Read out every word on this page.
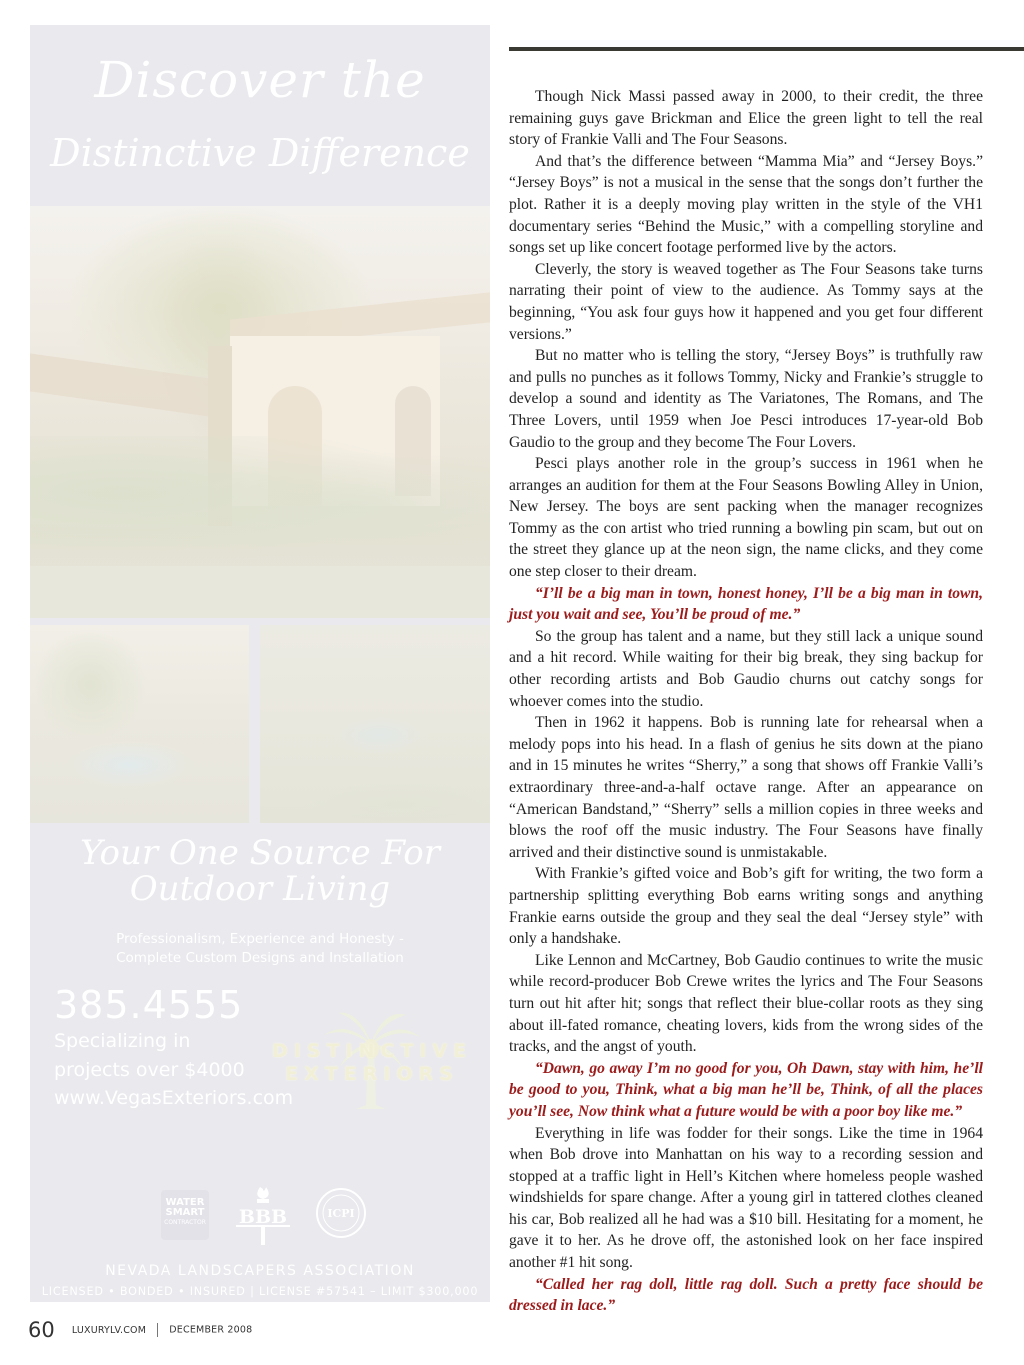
Discover the
Distinctive Difference
Your One Source For
Outdoor Living
Professionalism, Experience and Honesty -
Complete Custom Designs and Installation
385.4555
Specializing in
projects over $4000
www.VegasExteriors.com
DISTINCTIVE
EXTERIORS
WATER
SMART
CONTRACTOR BBB	ICPI
NEVADA LANDSCAPERS ASSOCIATION
LICENSED • BONDED • INSURED | LICENSE #57541 – LIMIT $300,000
LICENSE #65132 – LIMIT $50,000

Though Nick Massi passed away in 2000, to their credit, the three remaining guys gave Brickman and Elice the green light to tell the real story of Frankie Valli and The Four Seasons.

And that’s the difference between “Mamma Mia” and “Jersey Boys.” “Jersey Boys” is not a musical in the sense that the songs don’t further the plot. Rather it is a deeply moving play written in the style of the VH1 documentary series “Behind the Music,” with a compelling storyline and songs set up like concert footage performed live by the actors.

Cleverly, the story is weaved together as The Four Seasons take turns narrating their point of view to the audience. As Tommy says at the beginning, “You ask four guys how it happened and you get four different versions.”

But no matter who is telling the story, “Jersey Boys” is truthfully raw and pulls no punches as it follows Tommy, Nicky and Frankie’s struggle to develop a sound and identity as The Variatones, The Romans, and The Three Lovers, until 1959 when Joe Pesci introduces 17-year-old Bob Gaudio to the group and they become The Four Lovers.

Pesci plays another role in the group’s success in 1961 when he arranges an audition for them at the Four Seasons Bowling Alley in Union, New Jersey. The boys are sent packing when the manager recognizes Tommy as the con artist who tried running a bowling pin scam, but out on the street they glance up at the neon sign, the name clicks, and they come one step closer to their dream.

“I’ll be a big man in town, honest honey, I’ll be a big man in town, just you wait and see, You’ll be proud of me.”

So the group has talent and a name, but they still lack a unique sound and a hit record. While waiting for their big break, they sing backup for other recording artists and Bob Gaudio churns out catchy songs for whoever comes into the studio.

Then in 1962 it happens. Bob is running late for rehearsal when a melody pops into his head. In a flash of genius he sits down at the piano and in 15 minutes he writes “Sherry,” a song that shows off Frankie Valli’s extraordinary three-and-a-half octave range. After an appearance on “American Bandstand,” “Sherry” sells a million copies in three weeks and blows the roof off the music industry. The Four Seasons have finally arrived and their distinctive sound is unmistakable.

With Frankie’s gifted voice and Bob’s gift for writing, the two form a partnership splitting everything Bob earns writing songs and anything Frankie earns outside the group and they seal the deal “Jersey style” with only a handshake.

Like Lennon and McCartney, Bob Gaudio continues to write the music while record-producer Bob Crewe writes the lyrics and The Four Seasons turn out hit after hit; songs that reflect their blue-collar roots as they sing about ill-fated romance, cheating lovers, kids from the wrong sides of the tracks, and the angst of youth.

“Dawn, go away I’m no good for you, Oh Dawn, stay with him, he’ll be good to you, Think, what a big man he’ll be, Think, of all the places you’ll see, Now think what a future would be with a poor boy like me.”

Everything in life was fodder for their songs. Like the time in 1964 when Bob drove into Manhattan on his way to a recording session and stopped at a traffic light in Hell’s Kitchen where homeless people washed windshields for spare change. After a young girl in tattered clothes cleaned his car, Bob realized all he had was a $10 bill. Hesitating for a moment, he gave it to her. As he drove off, the astonished look on her face inspired another #1 hit song.

“Called her rag doll, little rag doll. Such a pretty face should be dressed in lace.”

60 LUXURYLV.COM DECEMBER 2008
